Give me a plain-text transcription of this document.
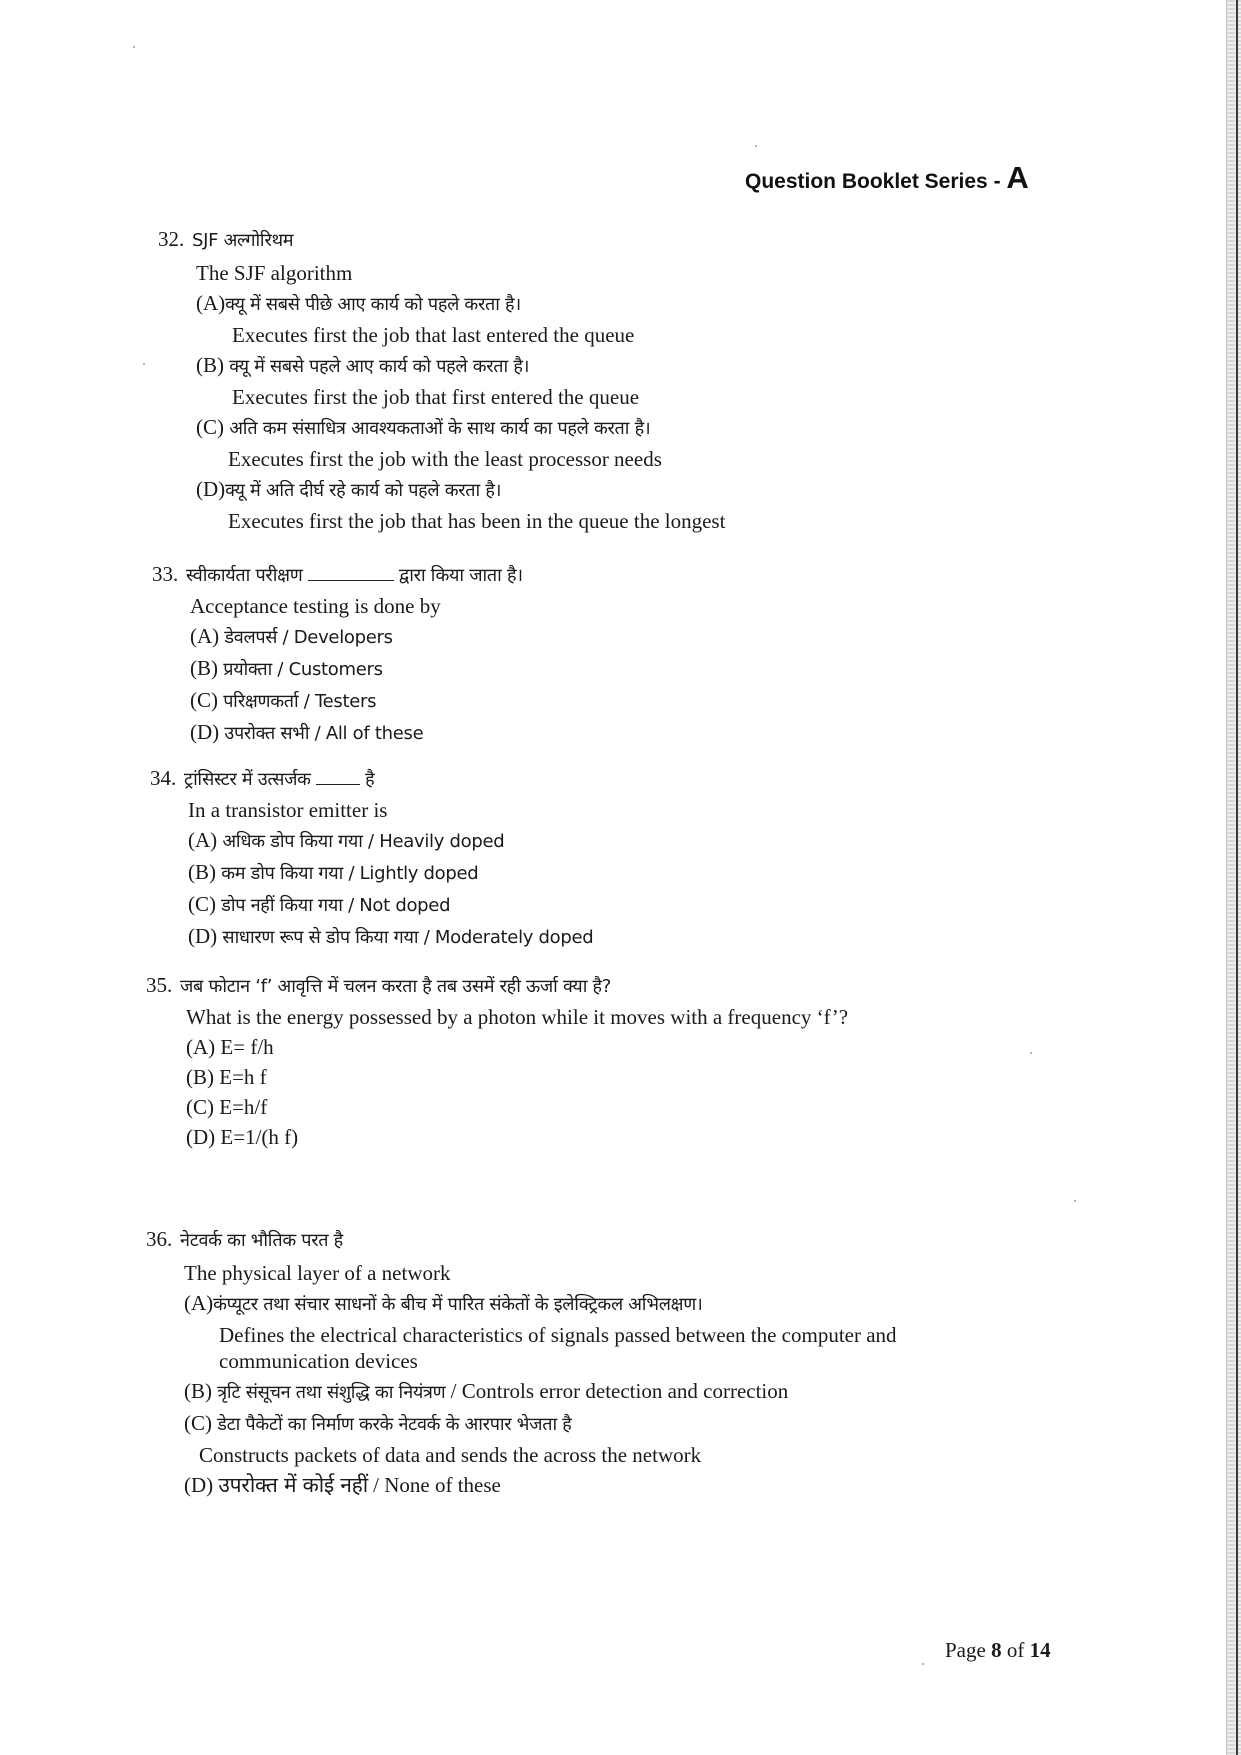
Question Booklet Series - A
32. SJF अल्गोरिथम
The SJF algorithm
(A)क्यू में सबसे पीछे आए कार्य को पहले करता है।
Executes first the job that last entered the queue
(B) क्यू में सबसे पहले आए कार्य को पहले करता है।
Executes first the job that first entered the queue
(C) अति कम संसाधित्र आवश्यकताओं के साथ कार्य का पहले करता है।
Executes first the job with the least processor needs
(D)क्यू में अति दीर्घ रहे कार्य को पहले करता है।
Executes first the job that has been in the queue the longest
33. स्वीकार्यता परीक्षण	द्वारा किया जाता है।
Acceptance testing is done by
(A) डेवलपर्स / Developers
(B) प्रयोक्ता / Customers
(C) परिक्षणकर्ता / Testers
(D) उपरोक्त सभी / All of these
34. ट्रांसिस्टर में उत्सर्जक	है
In a transistor emitter is
(A) अधिक डोप किया गया / Heavily doped
(B) कम डोप किया गया / Lightly doped
(C) डोप नहीं किया गया / Not doped
(D) साधारण रूप से डोप किया गया / Moderately doped
35. जब फोटान ‘f’ आवृत्ति में चलन करता है तब उसमें रही ऊर्जा क्या है?
What is the energy possessed by a photon while it moves with a frequency ‘f’?
(A) E= f/h
(B) E=h f
(C) E=h/f
(D) E=1/(h f)
36. नेटवर्क का भौतिक परत है
The physical layer of a network
(A)कंप्यूटर तथा संचार साधनों के बीच में पारित संकेतों के इलेक्ट्रिकल अभिलक्षण।
Defines the electrical characteristics of signals passed between the computer and
communication devices
(B) त्रृटि संसूचन तथा संशुद्धि का नियंत्रण / Controls error detection and correction
(C) डेटा पैकेटों का निर्माण करके नेटवर्क के आरपार भेजता है
Constructs packets of data and sends the across the network
(D) उपरोक्त में कोई नहीं / None of these
Page 8 of 14
